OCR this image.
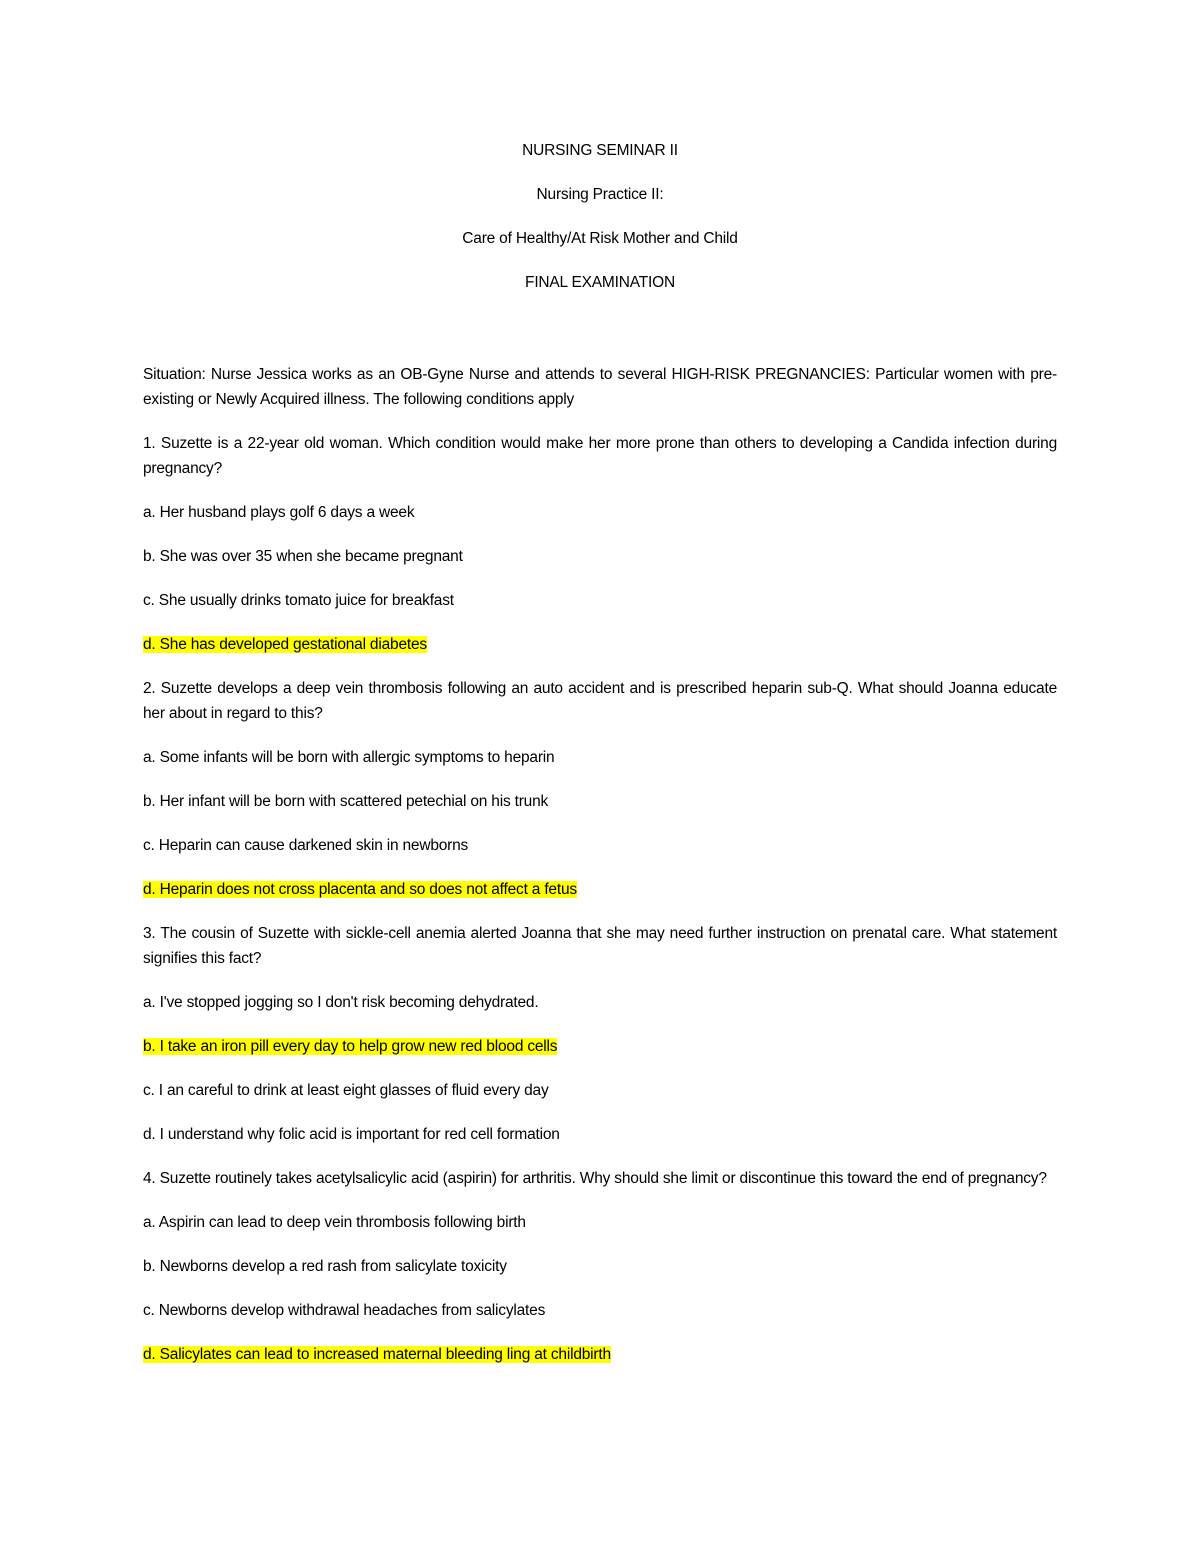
NURSING SEMINAR II

Nursing Practice II:

Care of Healthy/At Risk Mother and Child

FINAL EXAMINATION

Situation: Nurse Jessica works as an OB-Gyne Nurse and attends to several HIGH-RISK PREGNANCIES: Particular women with pre-existing or Newly Acquired illness. The following conditions apply

1. Suzette is a 22-year old woman. Which condition would make her more prone than others to developing a Candida infection during pregnancy?

a. Her husband plays golf 6 days a week

b. She was over 35 when she became pregnant

c. She usually drinks tomato juice for breakfast

d. She has developed gestational diabetes

2. Suzette develops a deep vein thrombosis following an auto accident and is prescribed heparin sub-Q. What should Joanna educate her about in regard to this?

a. Some infants will be born with allergic symptoms to heparin

b. Her infant will be born with scattered petechial on his trunk

c. Heparin can cause darkened skin in newborns

d. Heparin does not cross placenta and so does not affect a fetus

3. The cousin of Suzette with sickle-cell anemia alerted Joanna that she may need further instruction on prenatal care. What statement signifies this fact?

a. I've stopped jogging so I don't risk becoming dehydrated.

b. I take an iron pill every day to help grow new red blood cells

c. I an careful to drink at least eight glasses of fluid every day

d. I understand why folic acid is important for red cell formation

4. Suzette routinely takes acetylsalicylic acid (aspirin) for arthritis. Why should she limit or discontinue this toward the end of pregnancy?

a. Aspirin can lead to deep vein thrombosis following birth

b. Newborns develop a red rash from salicylate toxicity

c. Newborns develop withdrawal headaches from salicylates

d. Salicylates can lead to increased maternal bleeding ling at childbirth
